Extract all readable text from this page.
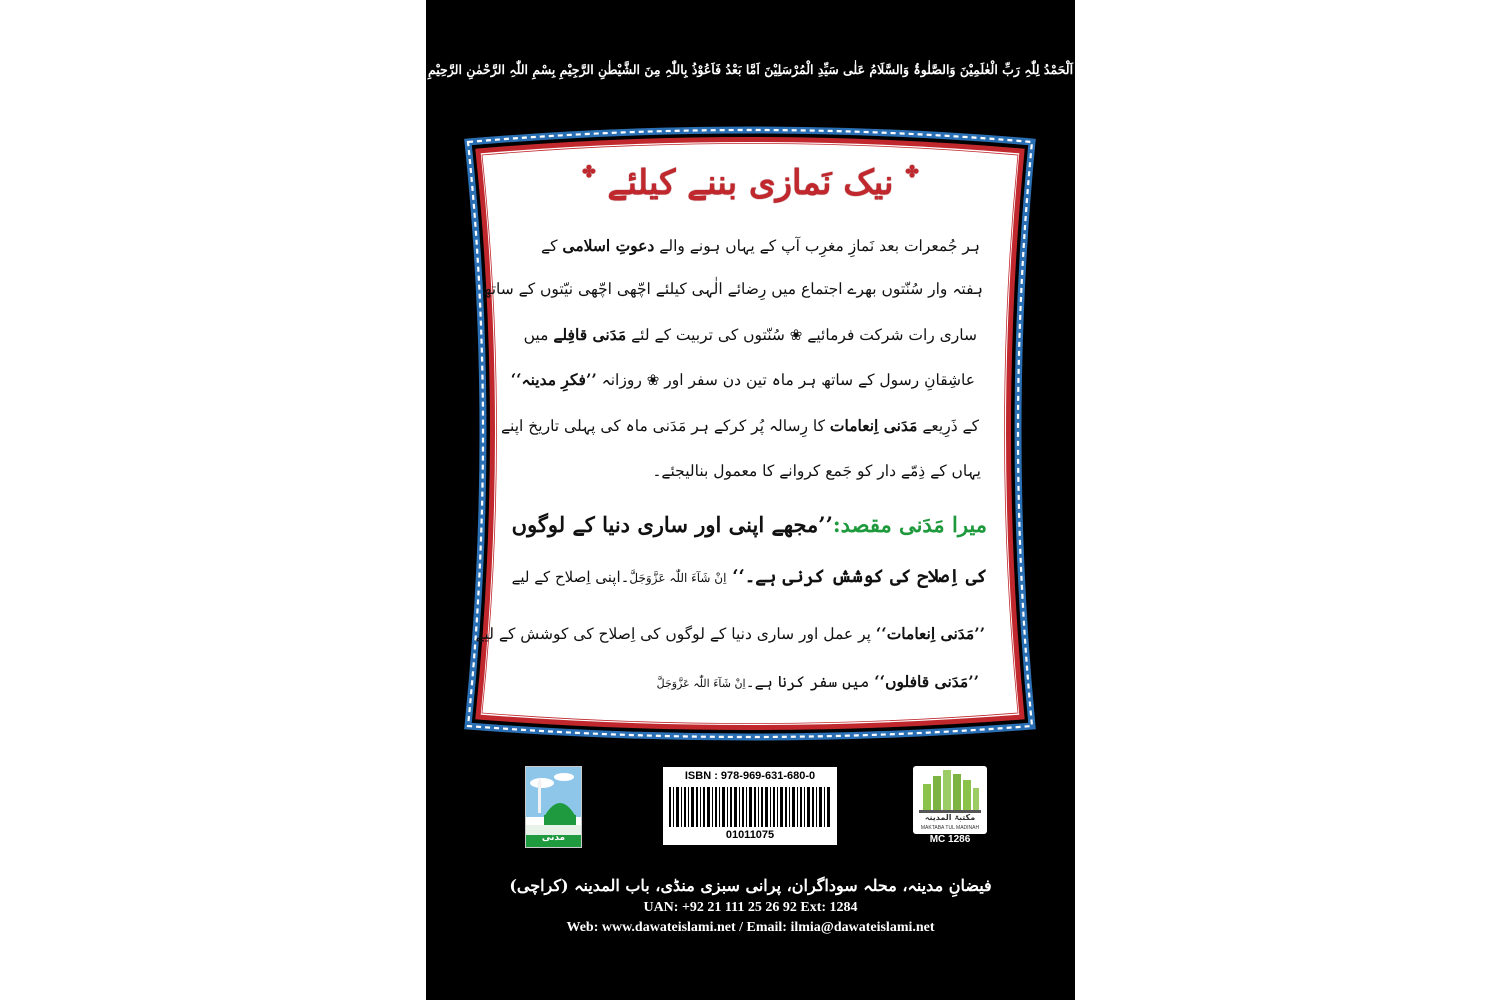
اَلْحَمْدُ لِلّٰہِ رَبِّ الْعٰلَمِیْنَ وَالصَّلٰوۃُ وَالسَّلَامُ عَلٰی سَیِّدِ الْمُرْسَلِیْنَ اَمَّا بَعْدُ فَاَعُوْذُ بِاللّٰہِ مِنَ الشَّیْطٰنِ الرَّجِیْمِ بِسْمِ اللّٰہِ الرَّحْمٰنِ الرَّحِیْمِ
✤ نیک نَمازی بننے کیلئے ✤
ہر جُمعرات بعد نَمازِ مغرِب آپ کے یہاں ہونے والے دعوتِ اسلامی کے
ہفتہ وار سُنّتوں بھرے اجتماع میں رِضائے الٰہی کیلئے اچّھی اچّھی نیّتوں کے ساتھ
ساری رات شرکت فرمائیے ❀ سُنّتوں کی تربیت کے لئے مَدَنی قافِلے میں
عاشِقانِ رسول کے ساتھ ہر ماہ تین دن سفر اور ❀ روزانہ ’’فکرِ مدینہ‘‘
کے ذَرِیعے مَدَنی اِنعامات کا رِسالہ پُر کرکے ہر مَدَنی ماہ کی پہلی تاریخ اپنے
یہاں کے ذِمّے دار کو جَمع کروانے کا معمول بنالیجئے۔
میرا مَدَنی مقصد:’’مجھے اپنی اور ساری دنیا کے لوگوں
کی اِصلاح کی کوشش کرنی ہے۔‘‘ اِنْ شَآءَ اللّٰہ عَزَّوَجَلَّ۔اپنی اِصلاح کے لیے
’’مَدَنی اِنعامات‘‘ پر عمل اور ساری دنیا کے لوگوں کی اِصلاح کی کوشش کے لیے
’’مَدَنی قافلوں‘‘ میں سفر کرنا ہے۔اِنْ شَآءَ اللّٰہ عَزَّوَجَلَّ
مدنی
ISBN : 978-969-631-680-0
01011075
مکتبۃ المدینہ
MAKTABA TUL MADINAH
MC 1286
فیضانِ مدینہ، محلہ سوداگران، پرانی سبزی منڈی، باب المدینہ (کراچی)
UAN: +92 21 111 25 26 92 Ext: 1284
Web: www.dawateislami.net / Email: ilmia@dawateislami.net
